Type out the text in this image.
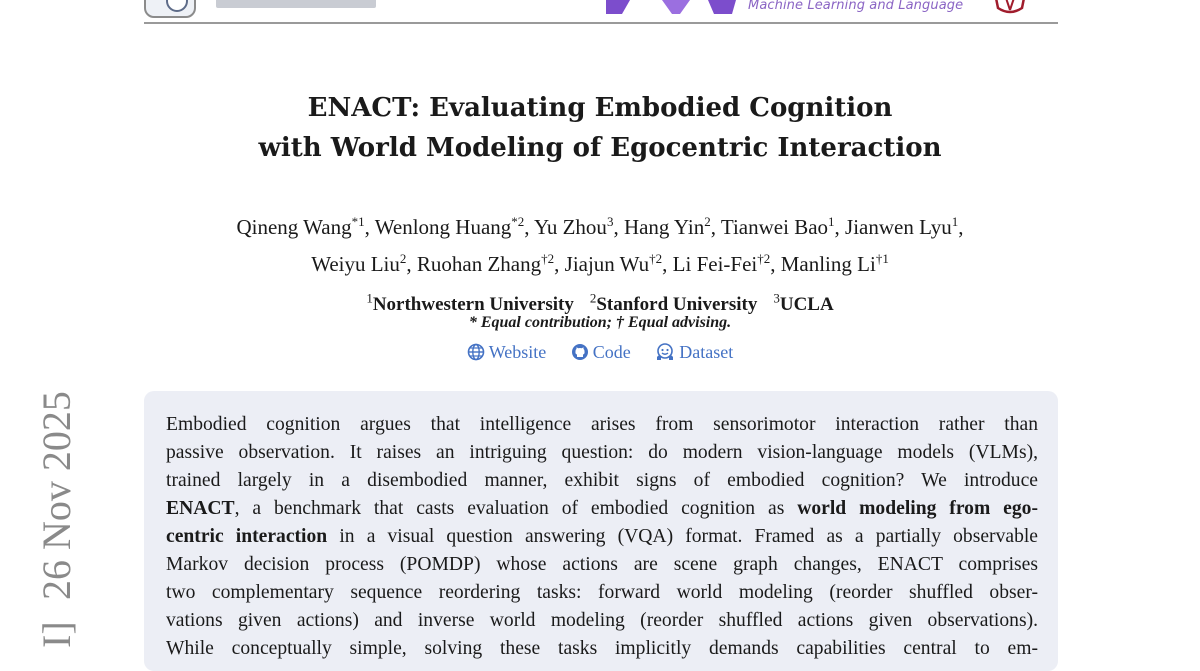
Machine Learning and Language
ENACT: Evaluating Embodied Cognition
with World Modeling of Egocentric Interaction
Qineng Wang$^{*1}$, Wenlong Huang$^{*2}$, Yu Zhou$^3$, Hang Yin$^2$, Tianwei Bao$^1$, Jianwen Lyu$^1$,
Weiyu Liu$^2$, Ruohan Zhang$^{\dagger 2}$, Jiajun Wu$^{\dagger 2}$, Li Fei-Fei$^{\dagger 2}$, Manling Li$^{\dagger 1}$
$^1$Northwestern University $^2$Stanford University $^3$UCLA
* Equal contribution; † Equal advising.
Website
	Code
	Dataset
26 Nov 2025
I]
Embodied cognition argues that intelligence arises from sensorimotor interaction rather than
passive observation. It raises an intriguing question: do modern vision-language models (VLMs),
trained largely in a disembodied manner, exhibit signs of embodied cognition? We introduce
ENACT, a benchmark that casts evaluation of embodied cognition as world modeling from ego-
centric interaction in a visual question answering (VQA) format. Framed as a partially observable
Markov decision process (POMDP) whose actions are scene graph changes, ENACT comprises
two complementary sequence reordering tasks: forward world modeling (reorder shuffled obser-
vations given actions) and inverse world modeling (reorder shuffled actions given observations).
While conceptually simple, solving these tasks implicitly demands capabilities central to em-
